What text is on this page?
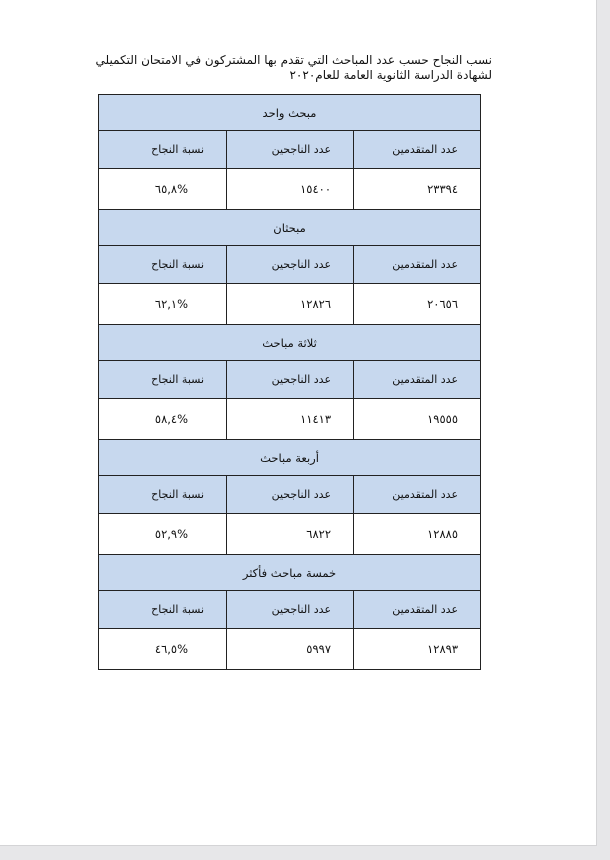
نسب النجاح حسب عدد المباحث التي تقدم بها المشتركون في الامتحان التكميلي
لشهادة الدراسة الثانوية العامة للعام٢٠٢٠
مبحث واحد		
عدد المتقدمين	عدد الناجحين	نسبة النجاح
٢٣٣٩٤	١٥٤٠٠	%٦٥,٨
مبحثان		
عدد المتقدمين	عدد الناجحين	نسبة النجاح
٢٠٦٥٦	١٢٨٢٦	%٦٢,١
ثلاثة مباحث		
عدد المتقدمين	عدد الناجحين	نسبة النجاح
١٩٥٥٥	١١٤١٣	%٥٨,٤
أربعة مباحث		
عدد المتقدمين	عدد الناجحين	نسبة النجاح
١٢٨٨٥	٦٨٢٢	%٥٢,٩
خمسة مباحث فأكثر		
عدد المتقدمين	عدد الناجحين	نسبة النجاح
١٢٨٩٣	٥٩٩٧	%٤٦,٥
